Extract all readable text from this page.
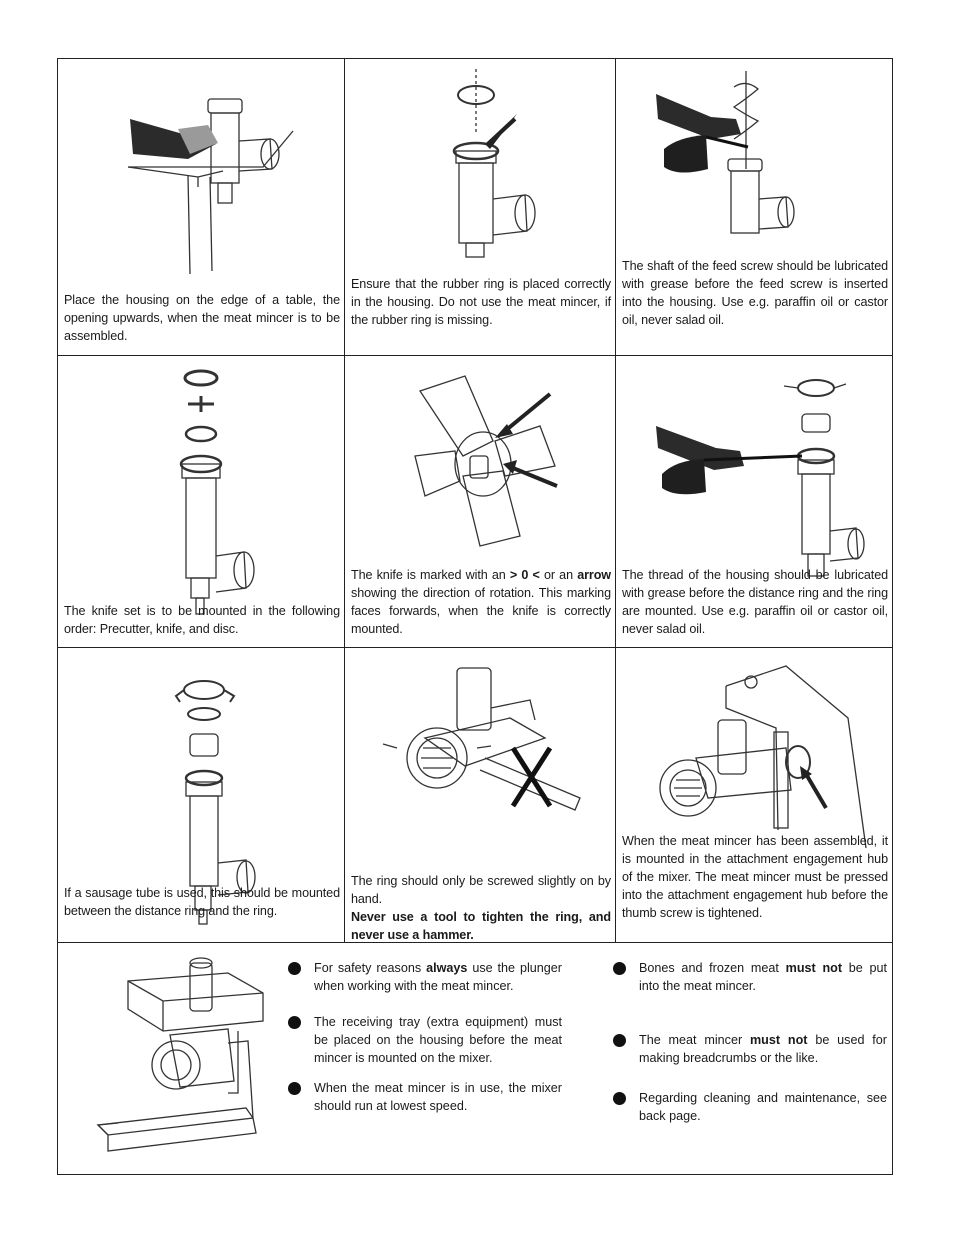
Place the housing on the edge of a table, the opening upwards, when the meat mincer is to be assembled.
Ensure that the rubber ring is placed correctly in the housing. Do not use the meat mincer, if the rubber ring is missing.
The shaft of the feed screw should be lubricated with grease before the feed screw is inserted into the housing. Use e.g. paraffin oil or castor oil, never salad oil.
The knife set is to be mounted in the following order: Precutter, knife, and disc.
The knife is marked with an > 0 < or an arrow showing the direction of rotation. This marking faces forwards, when the knife is correctly mounted.
The thread of the housing should be lubricated with grease before the distance ring and the ring are mounted. Use e.g. paraffin oil or castor oil, never salad oil.
If a sausage tube is used, this should be mounted between the distance ring and the ring.
The ring should only be screwed slightly on by hand.
Never use a tool to tighten the ring, and never use a hammer.
When the meat mincer has been assembled, it is mounted in the attachment engagement hub of the mixer. The meat mincer must be pressed into the attachment engagement hub before the thumb screw is tightened.
For safety reasons always use the plunger when working with the meat mincer.
The receiving tray (extra equipment) must be placed on the housing before the meat mincer is mounted on the mixer.
When the meat mincer is in use, the mixer should run at lowest speed.
Bones and frozen meat must not be put into the meat mincer.
The meat mincer must not be used for making breadcrumbs or the like.
Regarding cleaning and maintenance, see back page.
